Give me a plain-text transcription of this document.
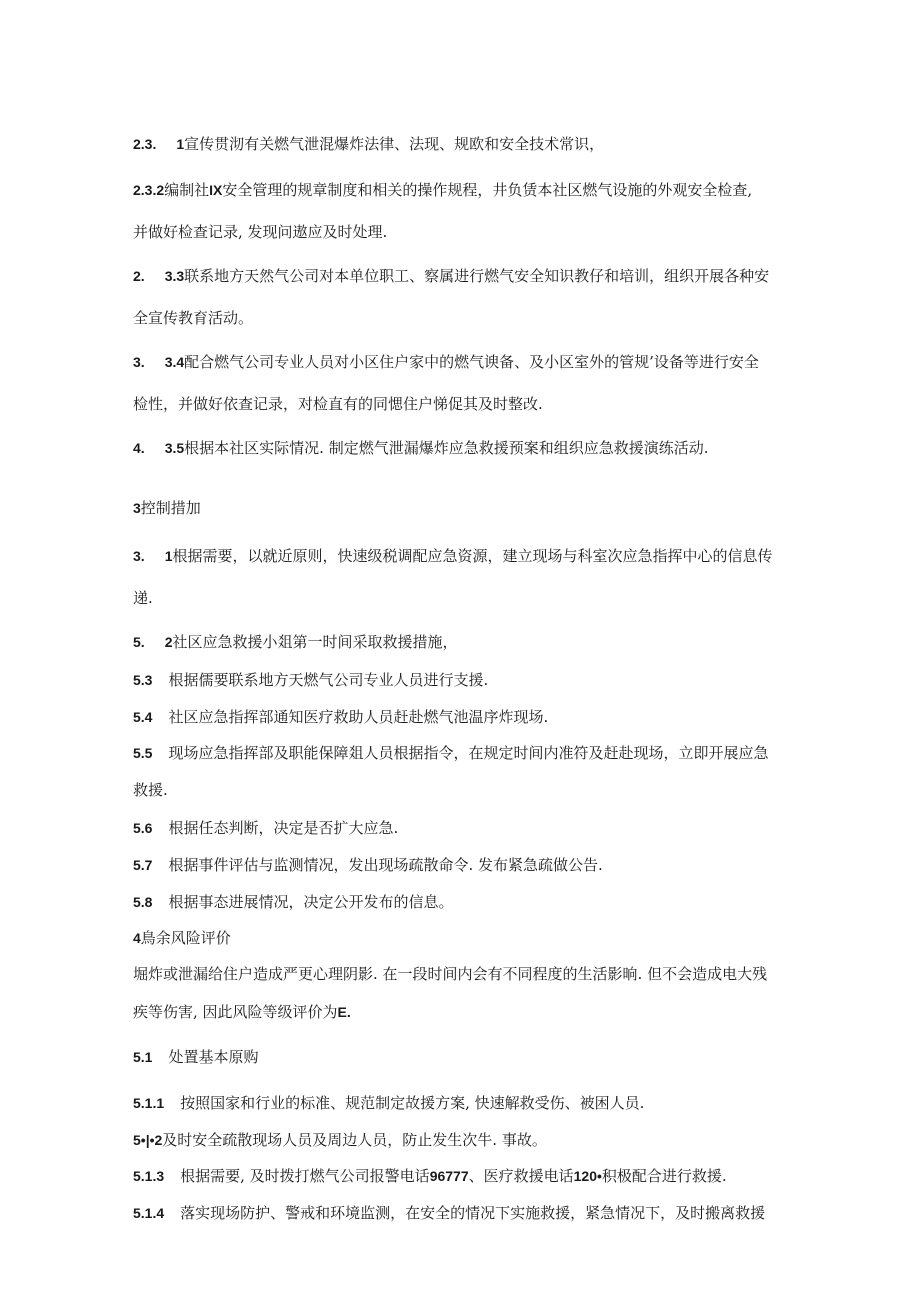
2.3. 1宣传贯沏有关燃气泄混爆炸法律、法现、规欧和安全技术常识，
2.3.2编制社IX安全管理的规章制度和相关的操作规程，井负赁本社区燃气设施的外观安全检查,
并做好检查记录, 发现问遨应及时处理.
2. 3.3联系地方天然气公司对本单位职工、察属进行燃气安全知识教仔和培训，组织开展各种安
全宣传教育活动。
3. 3.4配合燃气公司专业人员对小区住户家中的燃气谀备、及小区室外的管规’设备等进行安全
检性，并做好依查记录，对检直有的同愢住户悌促其及时整改.
4. 3.5根据本社区实际情况. 制定燃气泄漏爆炸应急救援预案和组织应急救援演练活动.
3控制措加
3. 1根据需要，以就近原则，快速级税调配应急资源，建立现场与科室次应急指挥中心的信息传
递.
5. 2社区应急救援小爼第一时间采取救援措施，
5.3 根据儒要联系地方天燃气公司专业人员进行支援.
5.4 社区应急指挥部通知医疗救助人员赶赴燃气池温序炸现场.
5.5 现场应急指挥部及职能保障爼人员根据指令，在规定时间内准符及赶赴现场，立即开展应急
救援.
5.6 根据任态判断，决定是否扩大应急.
5.7 根据事件评估与监测情况，发出现场疏散命令. 发布紧急疏做公告.
5.8 根据事态进展情况，决定公开发布的信息。
4鳥余风险评价
堀炸或泄漏给住户造成严更心理阴影. 在一段时间内会有不同程度的生活影晌. 但不会造成电大残
疾等伤害, 因此风险等级评价为E.
5.1 处置基本原购
5.1.1 按照国家和行业的标准、规范制定故援方案, 快速解救受伤、被困人员.
5•|•2及时安全疏散现场人员及周边人员，防止发生次牛. 事故。
5.1.3 根据需要, 及时拨打燃气公司报警电话96777、医疗救援电话120•积极配合进行救援.
5.1.4 落实现场防护、警戒和环境监测，在安全的情况下实施救援，紧急情况下，及时搬离救援
